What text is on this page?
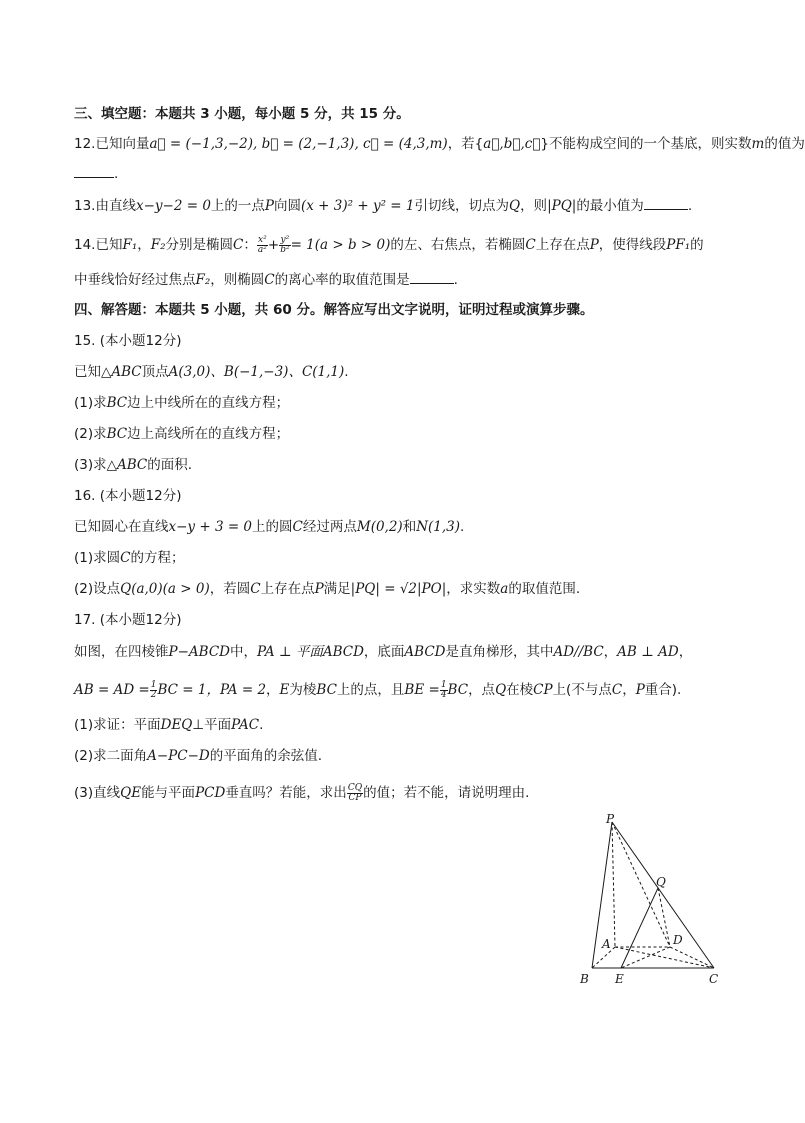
三、填空题：本题共 3 小题，每小题 5 分，共 15 分。
12.已知向量a⃗ = (−1,3,−2), b⃗ = (2,−1,3), c⃗ = (4,3,m)，若{a⃗,b⃗,c⃗}不能构成空间的一个基底，则实数m的值为
.
13.由直线x−y−2 = 0上的一点P向圆(x + 3)² + y² = 1引切线，切点为Q，则|PQ|的最小值为	.
14.已知F₁，F₂分别是椭圆C： $\frac{\text{x²}}{\text{a²}} + \frac{\text{y²}}{\text{b²}} = 1(a > b > 0)$的左、右焦点，若椭圆C上存在点P，使得线段PF₁的
中垂线恰好经过焦点F₂，则椭圆C的离心率的取值范围是	.
四、解答题：本题共 5 小题，共 60 分。解答应写出文字说明，证明过程或演算步骤。
15. (本小题12分)
已知△ABC顶点A(3,0)、B(−1,−3)、C(1,1).
(1)求BC边上中线所在的直线方程；
(2)求BC边上高线所在的直线方程；
(3)求△ABC的面积.
16. (本小题12分)
已知圆心在直线x−y + 3 = 0上的圆C经过两点M(0,2)和N(1,3).
(1)求圆C的方程；
(2)设点Q(a,0)(a > 0)，若圆C上存在点P满足|PQ| = √2|PO|，求实数a的取值范围.
17. (本小题12分)
如图，在四棱锥P−ABCD中，PA ⊥ 平面ABCD，底面ABCD是直角梯形，其中AD//BC，AB ⊥ AD，
AB = AD = $\frac{1}{2}$ BC = 1，PA = 2，E为棱BC上的点，且BE = $\frac{1}{4}$ BC，点Q在棱CP上(不与点C，P重合).
(1)求证：平面DEQ⊥平面PAC.
(2)求二面角A−PC−D的平面角的余弦值.
(3)直线QE能与平面PCD垂直吗？若能，求出 $\frac{CQ}{CP}$ 的值；若不能，请说明理由.
P
Q
A	D
B E	C
